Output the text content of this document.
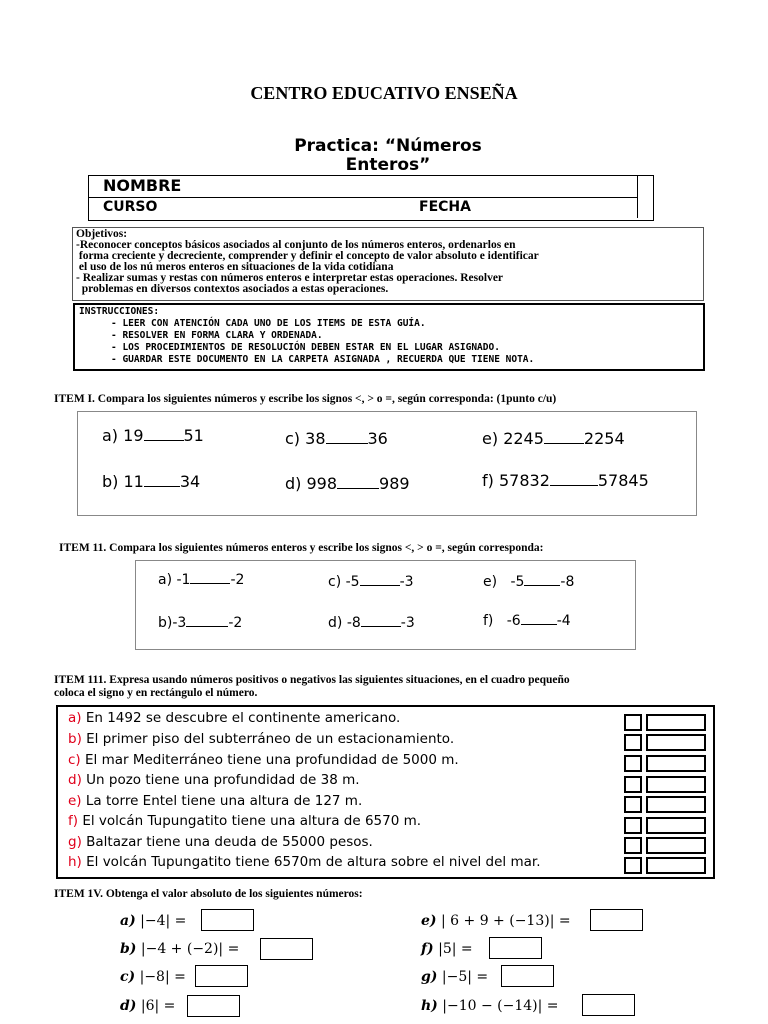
CENTRO EDUCATIVO ENSEÑA
Practica: “Números
Enteros”
NOMBRE
CURSO	FECHA
Objetivos:
-Reconocer conceptos básicos asociados al conjunto de los números enteros, ordenarlos en
forma creciente y decreciente, comprender y definir el concepto de valor absoluto e identificar
el uso de los nú meros enteros en situaciones de la vida cotidiana
- Realizar sumas y restas con números enteros e interpretar estas operaciones. Resolver
problemas en diversos contextos asociados a estas operaciones.
INSTRUCCIONES:
- LEER CON ATENCIÓN CADA UNO DE LOS ITEMS DE ESTA GUÍA.
- RESOLVER EN FORMA CLARA Y ORDENADA.
- LOS PROCEDIMIENTOS DE RESOLUCIÓN DEBEN ESTAR EN EL LUGAR ASIGNADO.
- GUARDAR ESTE DOCUMENTO EN LA CARPETA ASIGNADA , RECUERDA QUE TIENE NOTA.
ITEM I. Compara los siguientes números y escribe los signos <, > o =, según corresponda: (1punto c/u)
a) 19	51
b) 11 34
c) 38	36
d) 998	989
e) 2245	2254
f) 57832	57845
ITEM 11. Compara los siguientes números enteros y escribe los signos <, > o =, según corresponda:
a) -1	-2
b)-3	-2
c) -5	-3
d) -8	-3
e) -5	-8
f) -6	-4
ITEM 111. Expresa usando números positivos o negativos las siguientes situaciones, en el cuadro pequeño
coloca el signo y en rectángulo el número.
a) En 1492 se descubre el continente americano.
b) El primer piso del subterráneo de un estacionamiento.
c) El mar Mediterráneo tiene una profundidad de 5000 m.
d) Un pozo tiene una profundidad de 38 m.
e) La torre Entel tiene una altura de 127 m.
f) El volcán Tupungatito tiene una altura de 6570 m.
g) Baltazar tiene una deuda de 55000 pesos.
h) El volcán Tupungatito tiene 6570m de altura sobre el nivel del mar.
ITEM 1V. Obtenga el valor absoluto de los siguientes números:
a) |−4| =
b) |−4 + (−2)| =
c) |−8| =
d) |6| =
e) | 6 + 9 + (−13)| =
f) |5| =
g) |−5| =
h) |−10 − (−14)| =
